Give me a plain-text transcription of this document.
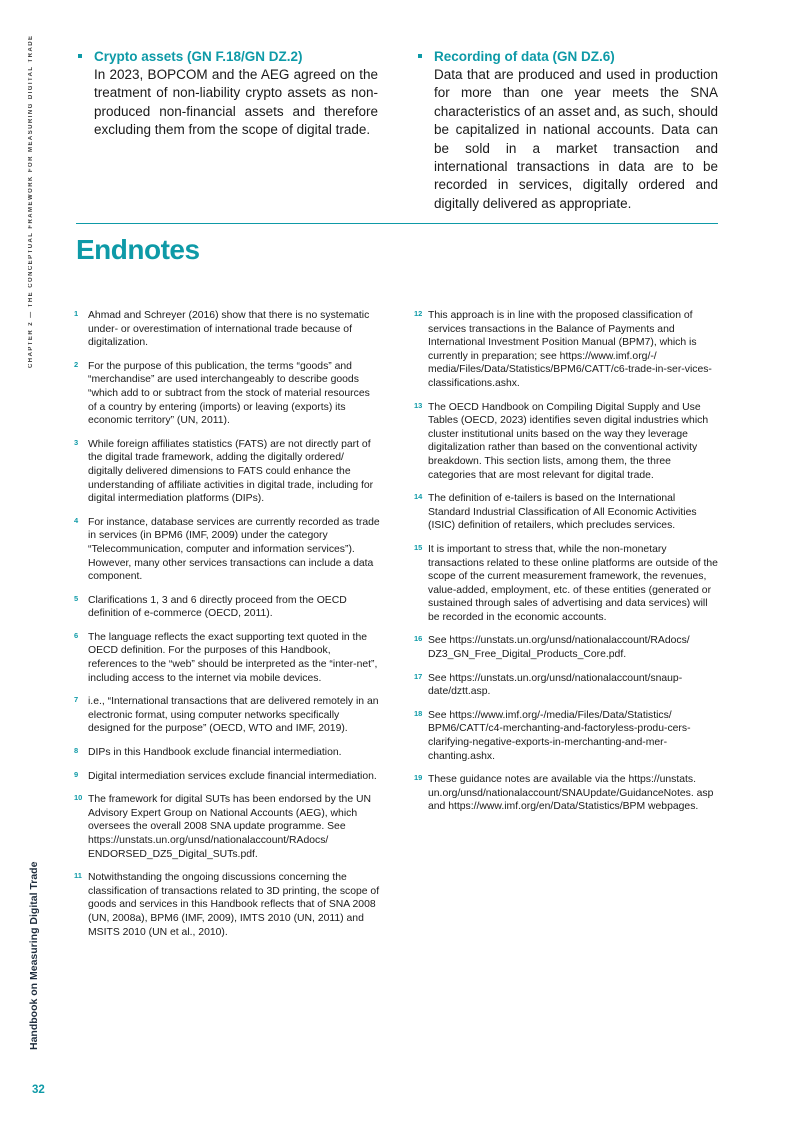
CHAPTER 2 — THE CONCEPTUAL FRAMEWORK FOR MEASURING DIGITAL TRADE
Handbook on Measuring Digital Trade
32
Crypto assets (GN F.18/GN DZ.2)
In 2023, BOPCOM and the AEG agreed on the treatment of non-liability crypto assets as non-produced non-financial assets and therefore excluding them from the scope of digital trade.
Recording of data (GN DZ.6)
Data that are produced and used in production for more than one year meets the SNA characteristics of an asset and, as such, should be capitalized in national accounts. Data can be sold in a market transaction and international transactions in data are to be recorded in services, digitally ordered and digitally delivered as appropriate.
Endnotes
1 Ahmad and Schreyer (2016) show that there is no systematic under- or overestimation of international trade because of digitalization.
2 For the purpose of this publication, the terms “goods” and “merchandise” are used interchangeably to describe goods “which add to or subtract from the stock of material resources of a country by entering (imports) or leaving (exports) its economic territory” (UN, 2011).
3 While foreign affiliates statistics (FATS) are not directly part of the digital trade framework, adding the digitally ordered/ digitally delivered dimensions to FATS could enhance the understanding of affiliate activities in digital trade, including for digital intermediation platforms (DIPs).
4 For instance, database services are currently recorded as trade in services (in BPM6 (IMF, 2009) under the category “Telecommunication, computer and information services”). However, many other services transactions can include a data component.
5 Clarifications 1, 3 and 6 directly proceed from the OECD definition of e-commerce (OECD, 2011).
6 The language reflects the exact supporting text quoted in the OECD definition. For the purposes of this Handbook, references to the “web” should be interpreted as the “inter-net”, including access to the internet via mobile devices.
7 i.e., “International transactions that are delivered remotely in an electronic format, using computer networks specifically designed for the purpose” (OECD, WTO and IMF, 2019).
8 DIPs in this Handbook exclude financial intermediation.
9 Digital intermediation services exclude financial intermediation.
10 The framework for digital SUTs has been endorsed by the UN Advisory Expert Group on National Accounts (AEG), which oversees the overall 2008 SNA update programme. See https://unstats.un.org/unsd/nationalaccount/RAdocs/ ENDORSED_DZ5_Digital_SUTs.pdf.
11 Notwithstanding the ongoing discussions concerning the classification of transactions related to 3D printing, the scope of goods and services in this Handbook reflects that of SNA 2008 (UN, 2008a), BPM6 (IMF, 2009), IMTS 2010 (UN, 2011) and MSITS 2010 (UN et al., 2010).
12 This approach is in line with the proposed classification of services transactions in the Balance of Payments and International Investment Position Manual (BPM7), which is currently in preparation; see https://www.imf.org/-/ media/Files/Data/Statistics/BPM6/CATT/c6-trade-in-ser-vices-classifications.ashx.
13 The OECD Handbook on Compiling Digital Supply and Use Tables (OECD, 2023) identifies seven digital industries which cluster institutional units based on the way they leverage digitalization rather than based on the conventional activity breakdown. This section lists, among them, the three categories that are most relevant for digital trade.
14 The definition of e-tailers is based on the International Standard Industrial Classification of All Economic Activities (ISIC) definition of retailers, which precludes services.
15 It is important to stress that, while the non-monetary transactions related to these online platforms are outside of the scope of the current measurement framework, the revenues, value-added, employment, etc. of these entities (generated or sustained through sales of advertising and data services) will be recorded in the economic accounts.
16 See https://unstats.un.org/unsd/nationalaccount/RAdocs/ DZ3_GN_Free_Digital_Products_Core.pdf.
17 See https://unstats.un.org/unsd/nationalaccount/snaup-date/dztt.asp.
18 See https://www.imf.org/-/media/Files/Data/Statistics/ BPM6/CATT/c4-merchanting-and-factoryless-produ-cers-clarifying-negative-exports-in-merchanting-and-mer-chanting.ashx.
19 These guidance notes are available via the https://unstats. un.org/unsd/nationalaccount/SNAUpdate/GuidanceNotes. asp and https://www.imf.org/en/Data/Statistics/BPM webpages.
